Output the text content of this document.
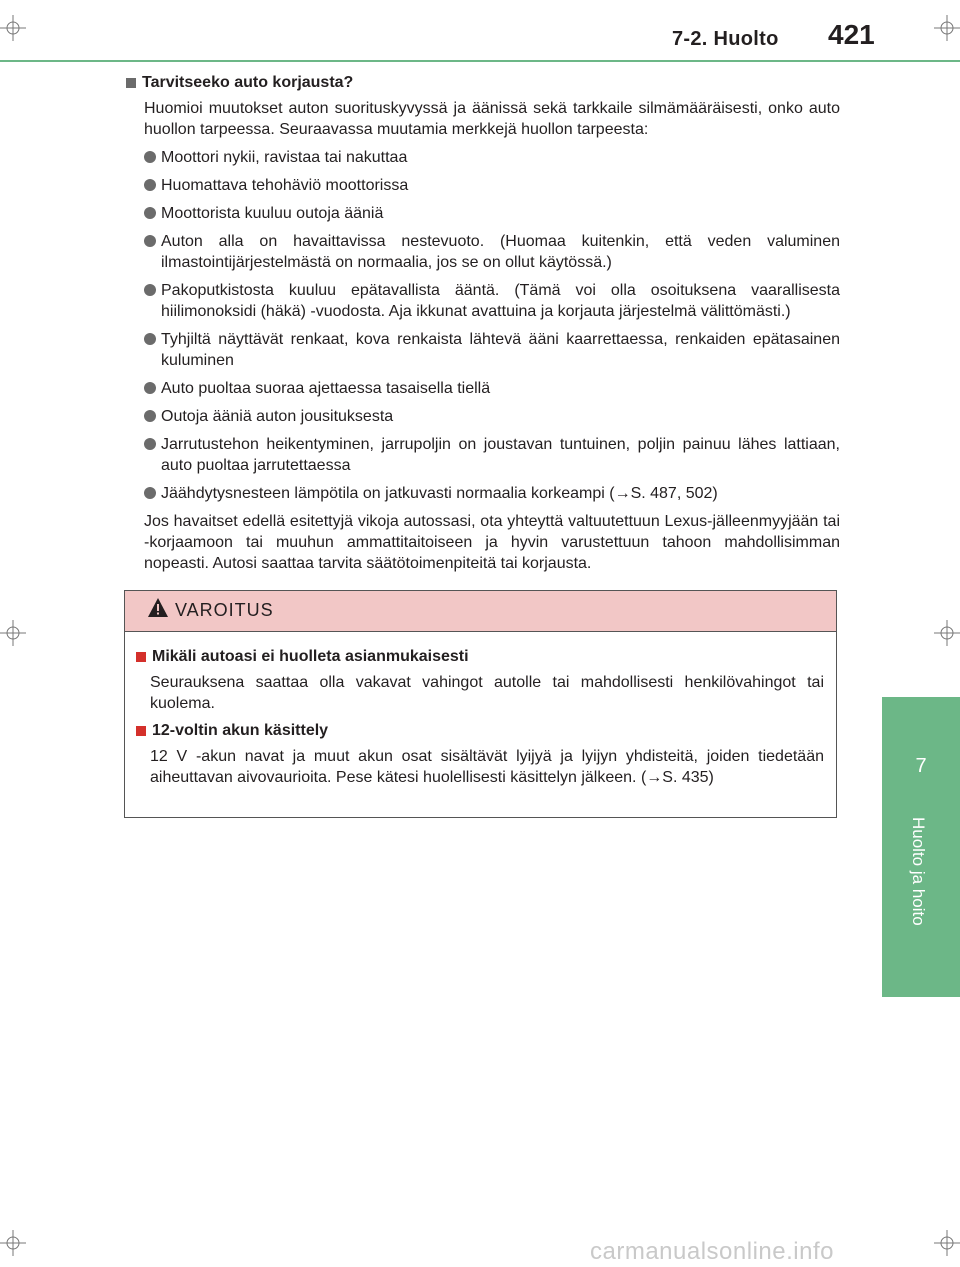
7-2. Huolto 421
7
Huolto ja hoito
Tarvitseeko auto korjausta?
Huomioi muutokset auton suorituskyvyssä ja äänissä sekä tarkkaile silmämääräisesti, onko auto huollon tarpeessa. Seuraavassa muutamia merkkejä huollon tarpeesta:
Moottori nykii, ravistaa tai nakuttaa
Huomattava tehohäviö moottorissa
Moottorista kuuluu outoja ääniä
Auton alla on havaittavissa nestevuoto. (Huomaa kuitenkin, että veden valuminen ilmastointijärjestelmästä on normaalia, jos se on ollut käytössä.)
Pakoputkistosta kuuluu epätavallista ääntä. (Tämä voi olla osoituksena vaarallisesta hiilimonoksidi (häkä) -vuodosta. Aja ikkunat avattuina ja korjauta järjestelmä välittömästi.)
Tyhjiltä näyttävät renkaat, kova renkaista lähtevä ääni kaarrettaessa, renkaiden epätasainen kuluminen
Auto puoltaa suoraa ajettaessa tasaisella tiellä
Outoja ääniä auton jousituksesta
Jarrutustehon heikentyminen, jarrupoljin on joustavan tuntuinen, poljin painuu lähes lattiaan, auto puoltaa jarrutettaessa
Jäähdytysnesteen lämpötila on jatkuvasti normaalia korkeampi (→S. 487, 502)
Jos havaitset edellä esitettyjä vikoja autossasi, ota yhteyttä valtuutettuun Lexus-jälleenmyyjään tai -korjaamoon tai muuhun ammattitaitoiseen ja hyvin varustettuun tahoon mahdollisimman nopeasti. Autosi saattaa tarvita säätötoimenpiteitä tai korjausta.
VAROITUS
Mikäli autoasi ei huolleta asianmukaisesti
Seurauksena saattaa olla vakavat vahingot autolle tai mahdollisesti henkilövahingot tai kuolema.
12-voltin akun käsittely
12 V -akun navat ja muut akun osat sisältävät lyijyä ja lyijyn yhdisteitä, joiden tiedetään aiheuttavan aivovaurioita. Pese kätesi huolellisesti käsittelyn jälkeen. (→S. 435)
carmanualsonline.info
